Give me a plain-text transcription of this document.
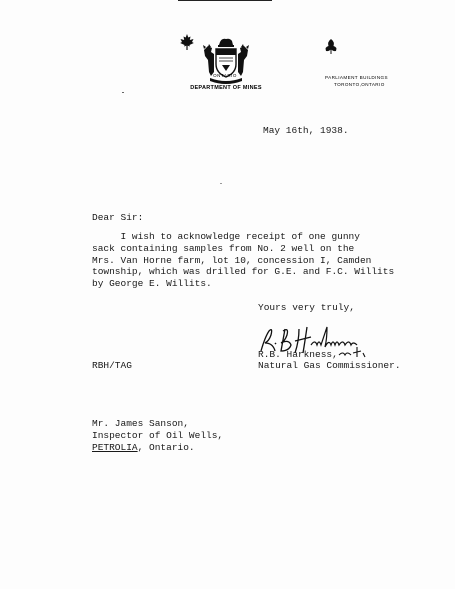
ONTARIO
DEPARTMENT OF MINES
PARLIAMENT BUILDINGS
TORONTO,ONTARIO
May 16th, 1938.
Dear Sir:
I wish to acknowledge receipt of one gunny
sack containing samples from No. 2 well on the
Mrs. Van Horne farm, lot 10, concession I, Camden
township, which was drilled for G.E. and F.C. Willits
by George E. Willits.
Yours very truly,
R.B. Harkness,
Natural Gas Commissioner.
RBH/TAG
Mr. James Sanson,
Inspector of Oil Wells,
PETROLIA, Ontario.
